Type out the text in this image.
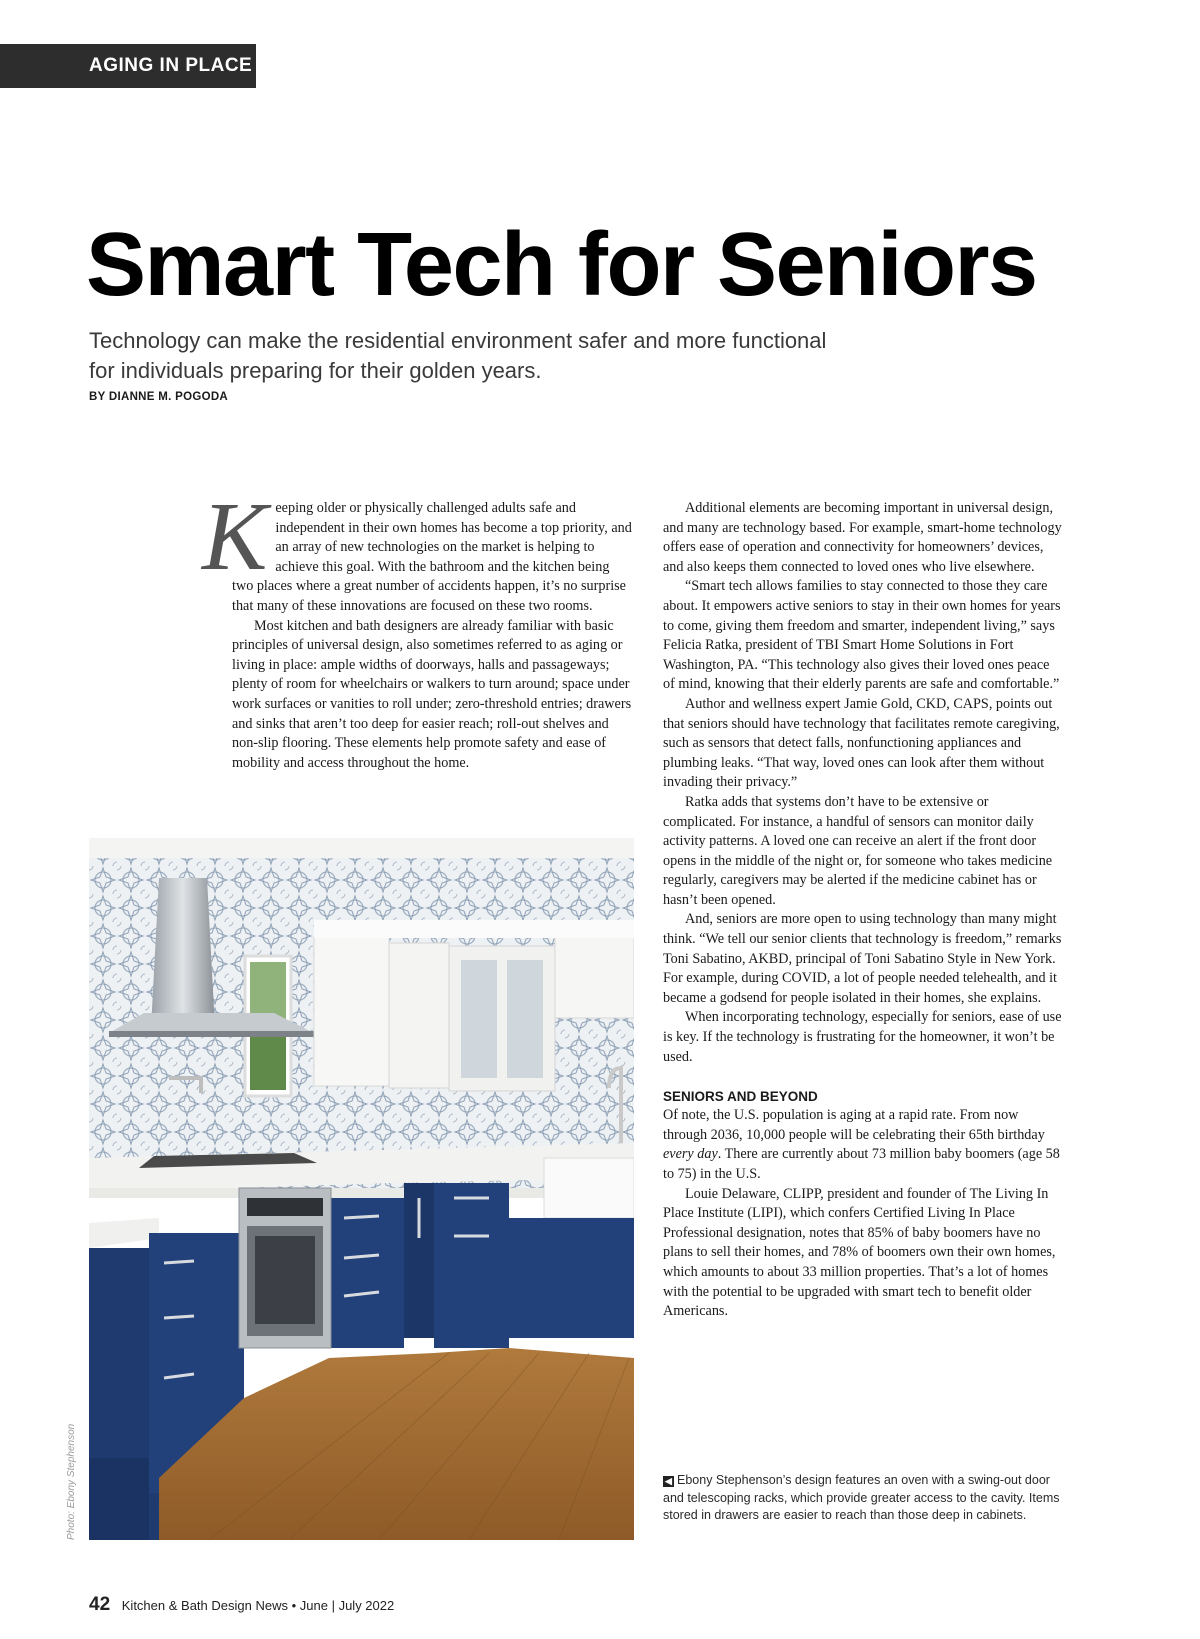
AGING IN PLACE
Smart Tech for Seniors
Technology can make the residential environment safer and more functional
for individuals preparing for their golden years.
BY DIANNE M. POGODA

Keeping older or physically challenged adults safe and independent in their own homes has become a top priority, and an array of new technologies on the market is helping to achieve this goal. With the bathroom and the kitchen being two places where a great number of accidents happen, it’s no surprise that many of these innovations are focused on these two rooms.

Most kitchen and bath designers are already familiar with basic principles of universal design, also sometimes referred to as aging or living in place: ample widths of doorways, halls and passageways; plenty of room for wheelchairs or walkers to turn around; space under work surfaces or vanities to roll under; zero-threshold entries; drawers and sinks that aren’t too deep for easier reach; roll-out shelves and non-slip flooring. These elements help promote safety and ease of mobility and access throughout the home.

Additional elements are becoming important in universal design, and many are technology based. For example, smart-home technology offers ease of operation and connectivity for homeowners’ devices, and also keeps them connected to loved ones who live elsewhere.

“Smart tech allows families to stay connected to those they care about. It empowers active seniors to stay in their own homes for years to come, giving them freedom and smarter, independent living,” says Felicia Ratka, president of TBI Smart Home Solutions in Fort Washington, PA. “This technology also gives their loved ones peace of mind, knowing that their elderly parents are safe and comfortable.”

Author and wellness expert Jamie Gold, CKD, CAPS, points out that seniors should have technology that facilitates remote caregiving, such as sensors that detect falls, nonfunctioning appliances and plumbing leaks. “That way, loved ones can look after them without invading their privacy.”

Ratka adds that systems don’t have to be extensive or complicated. For instance, a handful of sensors can monitor daily activity patterns. A loved one can receive an alert if the front door opens in the middle of the night or, for someone who takes medicine regularly, caregivers may be alerted if the medicine cabinet has or hasn’t been opened.

And, seniors are more open to using technology than many might think. “We tell our senior clients that technology is freedom,” remarks Toni Sabatino, AKBD, principal of Toni Sabatino Style in New York. For example, during COVID, a lot of people needed telehealth, and it became a godsend for people isolated in their homes, she explains.

When incorporating technology, especially for seniors, ease of use is key. If the technology is frustrating for the homeowner, it won’t be used.

SENIORS AND BEYOND

Of note, the U.S. population is aging at a rapid rate. From now through 2036, 10,000 people will be celebrating their 65th birthday every day. There are currently about 73 million baby boomers (age 58 to 75) in the U.S.

Louie Delaware, CLIPP, president and founder of The Living In Place Institute (LIPI), which confers Certified Living In Place Professional designation, notes that 85% of baby boomers have no plans to sell their homes, and 78% of boomers own their own homes, which amounts to about 33 million properties. That’s a lot of homes with the potential to be upgraded with smart tech to benefit older Americans.

Photo: Ebony Stephenson	◀ Ebony Stephenson’s design features an oven with a swing-out door and telescoping racks, which provide greater access to the cavity. Items stored in drawers are easier to reach than those deep in cabinets.
42 Kitchen & Bath Design News • June | July 2022
